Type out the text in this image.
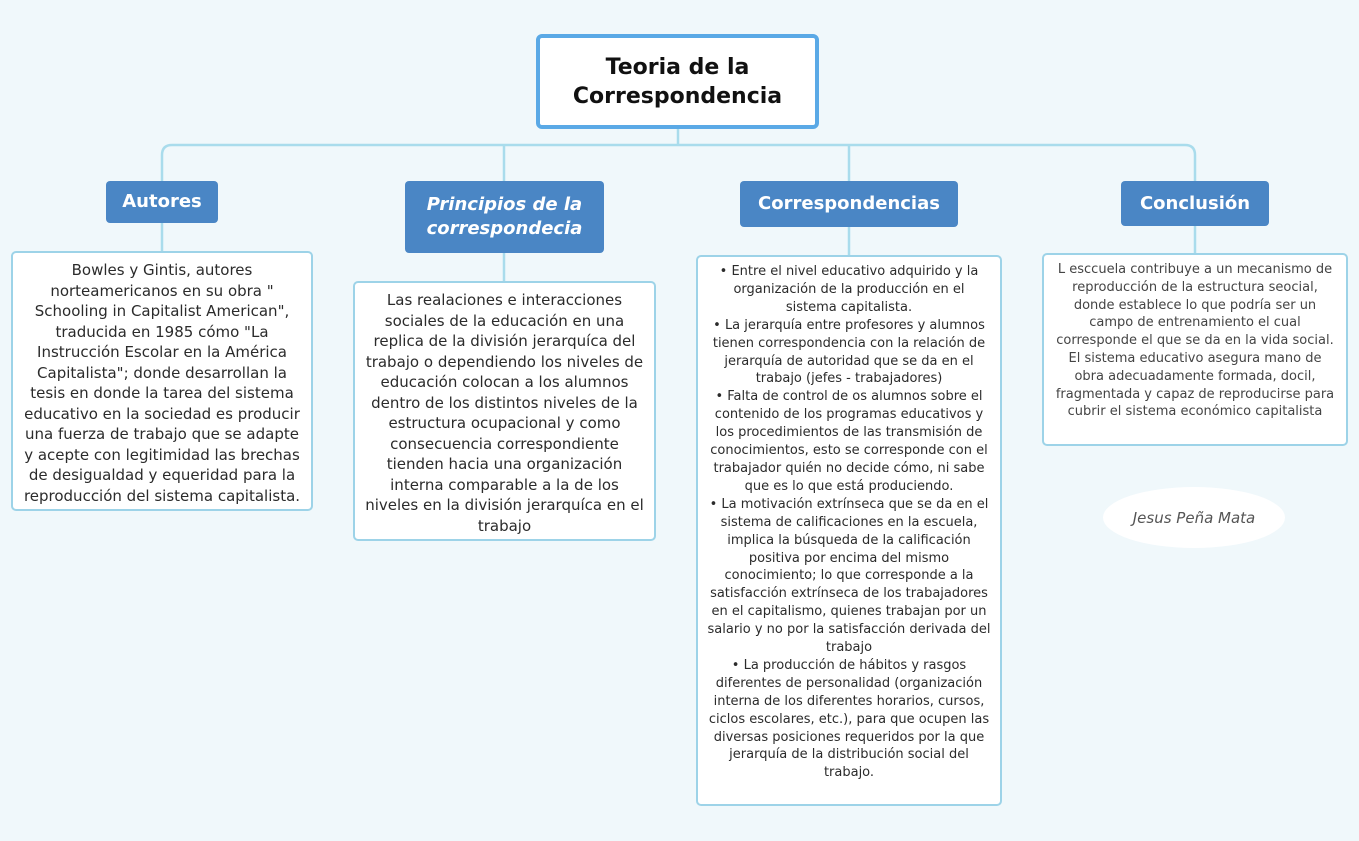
Teoria de la
Correspondencia
Autores
Bowles y Gintis, autores norteamericanos en su obra " Schooling in Capitalist American", traducida en 1985 cómo "La Instrucción Escolar en la América Capitalista"; donde desarrollan la tesis en donde la tarea del sistema educativo en la sociedad es producir una fuerza de trabajo que se adapte y acepte con legitimidad las brechas de desigualdad y equeridad para la reproducción del sistema capitalista.
Principios de la correspondecia
Las realaciones e interacciones sociales de la educación en una replica de la división jerarquíca del trabajo o dependiendo los niveles de educación colocan a los alumnos dentro de los distintos niveles de la estructura ocupacional y como consecuencia correspondiente tienden hacia una organización interna comparable a la de los niveles en la división jerarquíca en el trabajo
Correspondencias
• Entre el nivel educativo adquirido y la organización de la producción en el sistema capitalista.
• La jerarquía entre profesores y alumnos tienen correspondencia con la relación de jerarquía de autoridad que se da en el trabajo (jefes - trabajadores)
• Falta de control de os alumnos sobre el contenido de los programas educativos y los procedimientos de las transmisión de conocimientos, esto se corresponde con el trabajador quién no decide cómo, ni sabe que es lo que está produciendo.
• La motivación extrínseca que se da en el sistema de calificaciones en la escuela, implica la búsqueda de la calificación positiva por encima del mismo conocimiento; lo que corresponde a la satisfacción extrínseca de los trabajadores en el capitalismo, quienes trabajan por un salario y no por la satisfacción derivada del trabajo
• La producción de hábitos y rasgos diferentes de personalidad (organización interna de los diferentes horarios, cursos, ciclos escolares, etc.), para que ocupen las diversas posiciones requeridos por la que jerarquía de la distribución social del trabajo.
Conclusión
L esccuela contribuye a un mecanismo de reproducción de la estructura seocial, donde establece lo que podría ser un campo de entrenamiento el cual corresponde el que se da en la vida social. El sistema educativo asegura mano de obra adecuadamente formada, docil, fragmentada y capaz de reproducirse para cubrir el sistema económico capitalista
Jesus Peña Mata
